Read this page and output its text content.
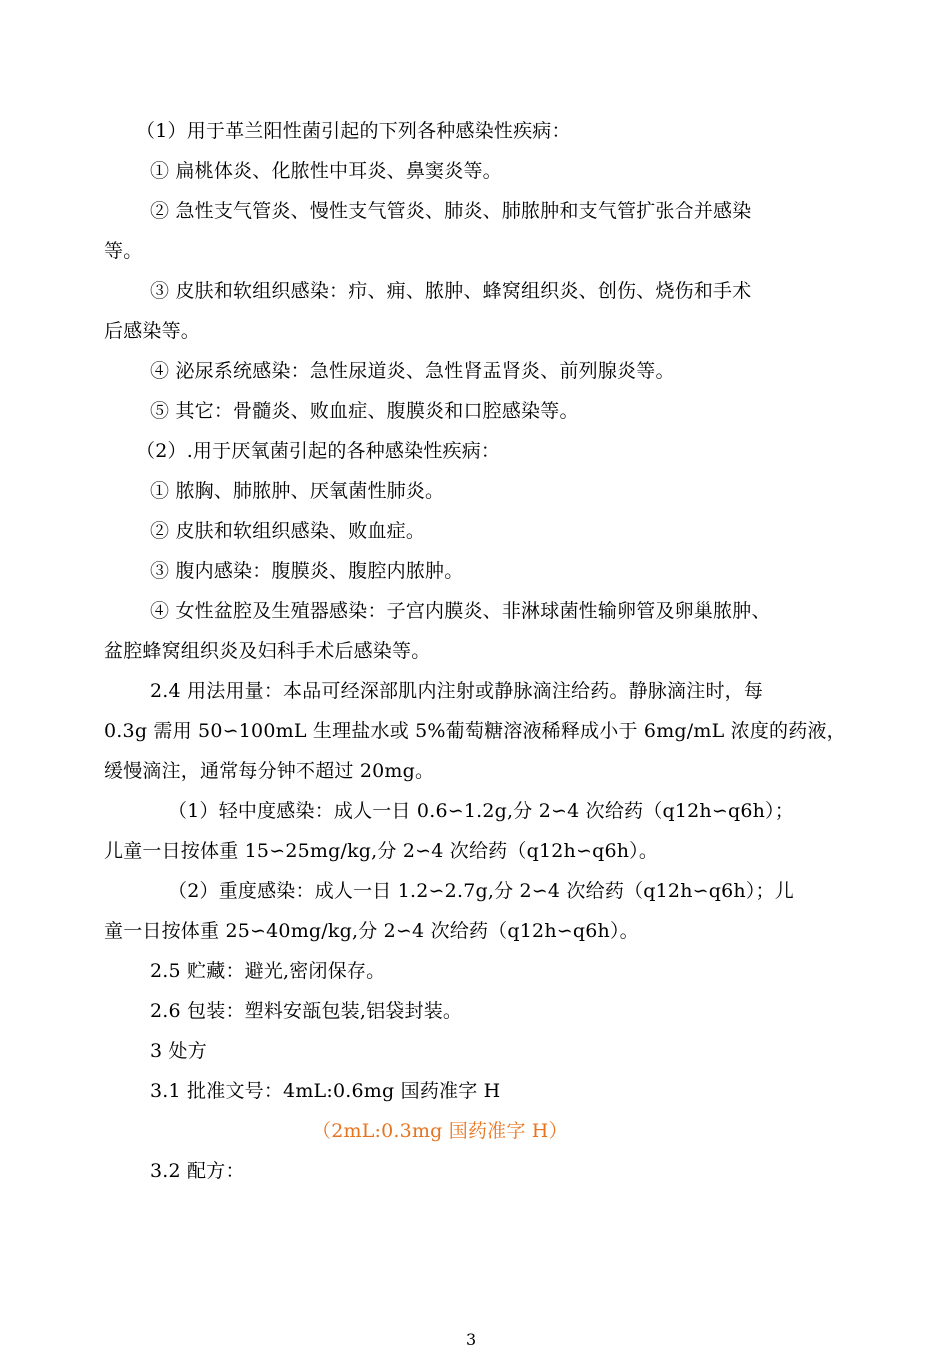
（1）用于革兰阳性菌引起的下列各种感染性疾病：
① 扁桃体炎、化脓性中耳炎、鼻窦炎等。
② 急性支气管炎、慢性支气管炎、肺炎、肺脓肿和支气管扩张合并感染
等。
③ 皮肤和软组织感染：疖、痈、脓肿、蜂窝组织炎、创伤、烧伤和手术
后感染等。
④ 泌尿系统感染：急性尿道炎、急性肾盂肾炎、前列腺炎等。
⑤ 其它：骨髓炎、败血症、腹膜炎和口腔感染等。
（2）.用于厌氧菌引起的各种感染性疾病：
① 脓胸、肺脓肿、厌氧菌性肺炎。
② 皮肤和软组织感染、败血症。
③ 腹内感染：腹膜炎、腹腔内脓肿。
④ 女性盆腔及生殖器感染：子宫内膜炎、非淋球菌性输卵管及卵巢脓肿、
盆腔蜂窝组织炎及妇科手术后感染等。
2.4 用法用量：本品可经深部肌内注射或静脉滴注给药。静脉滴注时，每
0.3g 需用 50∽100mL 生理盐水或 5%葡萄糖溶液稀释成小于 6mg/mL 浓度的药液，
缓慢滴注，通常每分钟不超过 20mg。
（1）轻中度感染：成人一日 0.6∽1.2g,分 2∽4 次给药（q12h∽q6h）；
儿童一日按体重 15∽25mg/kg,分 2∽4 次给药（q12h∽q6h）。
（2）重度感染：成人一日 1.2∽2.7g,分 2∽4 次给药（q12h∽q6h）；儿
童一日按体重 25∽40mg/kg,分 2∽4 次给药（q12h∽q6h）。
2.5 贮藏：避光,密闭保存。
2.6 包装：塑料安瓿包装,铝袋封装。
3 处方
3.1 批准文号：4mL:0.6mg 国药准字 H
（2mL:0.3mg 国药准字 H）
3.2 配方：
3
